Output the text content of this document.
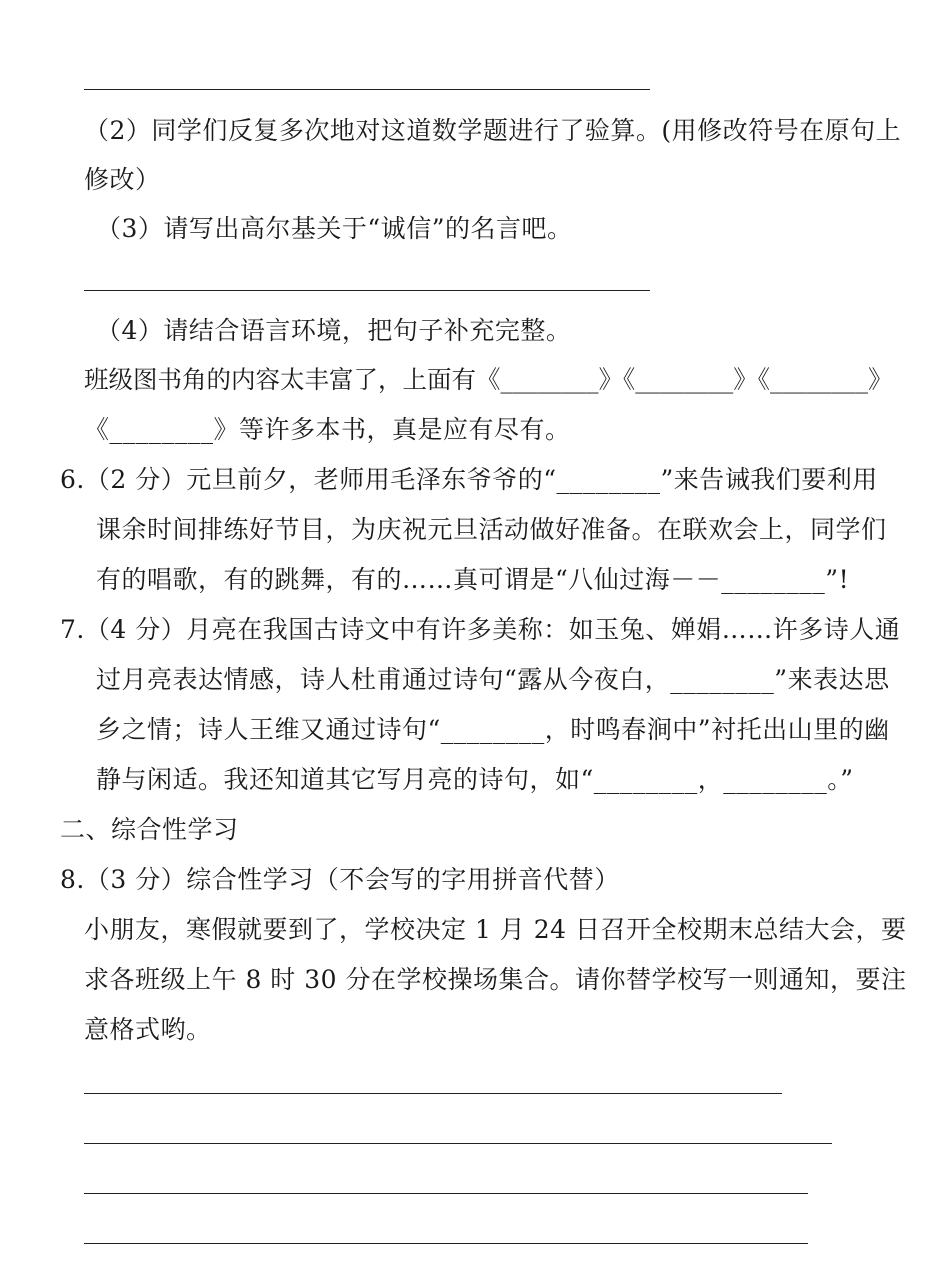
（2）同学们反复多次地对这道数学题进行了验算。(用修改符号在原句上
修改）
（3）请写出高尔基关于“诚信”的名言吧。
（4）请结合语言环境，把句子补充完整。
班级图书角的内容太丰富了，上面有《________》《________》《________》
《________》等许多本书，真是应有尽有。
6.（2 分）元旦前夕，老师用毛泽东爷爷的“________”来告诫我们要利用
课余时间排练好节目，为庆祝元旦活动做好准备。在联欢会上，同学们
有的唱歌，有的跳舞，有的……真可谓是“八仙过海－－________”!
7.（4 分）月亮在我国古诗文中有许多美称：如玉兔、婵娟……许多诗人通
过月亮表达情感，诗人杜甫通过诗句“露从今夜白，________”来表达思
乡之情；诗人王维又通过诗句“________，时鸣春涧中”衬托出山里的幽
静与闲适。我还知道其它写月亮的诗句，如“________，________。”
二、综合性学习
8.（3 分）综合性学习（不会写的字用拼音代替）
小朋友，寒假就要到了，学校决定 1 月 24 日召开全校期末总结大会，要
求各班级上午 8 时 30 分在学校操场集合。请你替学校写一则通知，要注
意格式哟。
